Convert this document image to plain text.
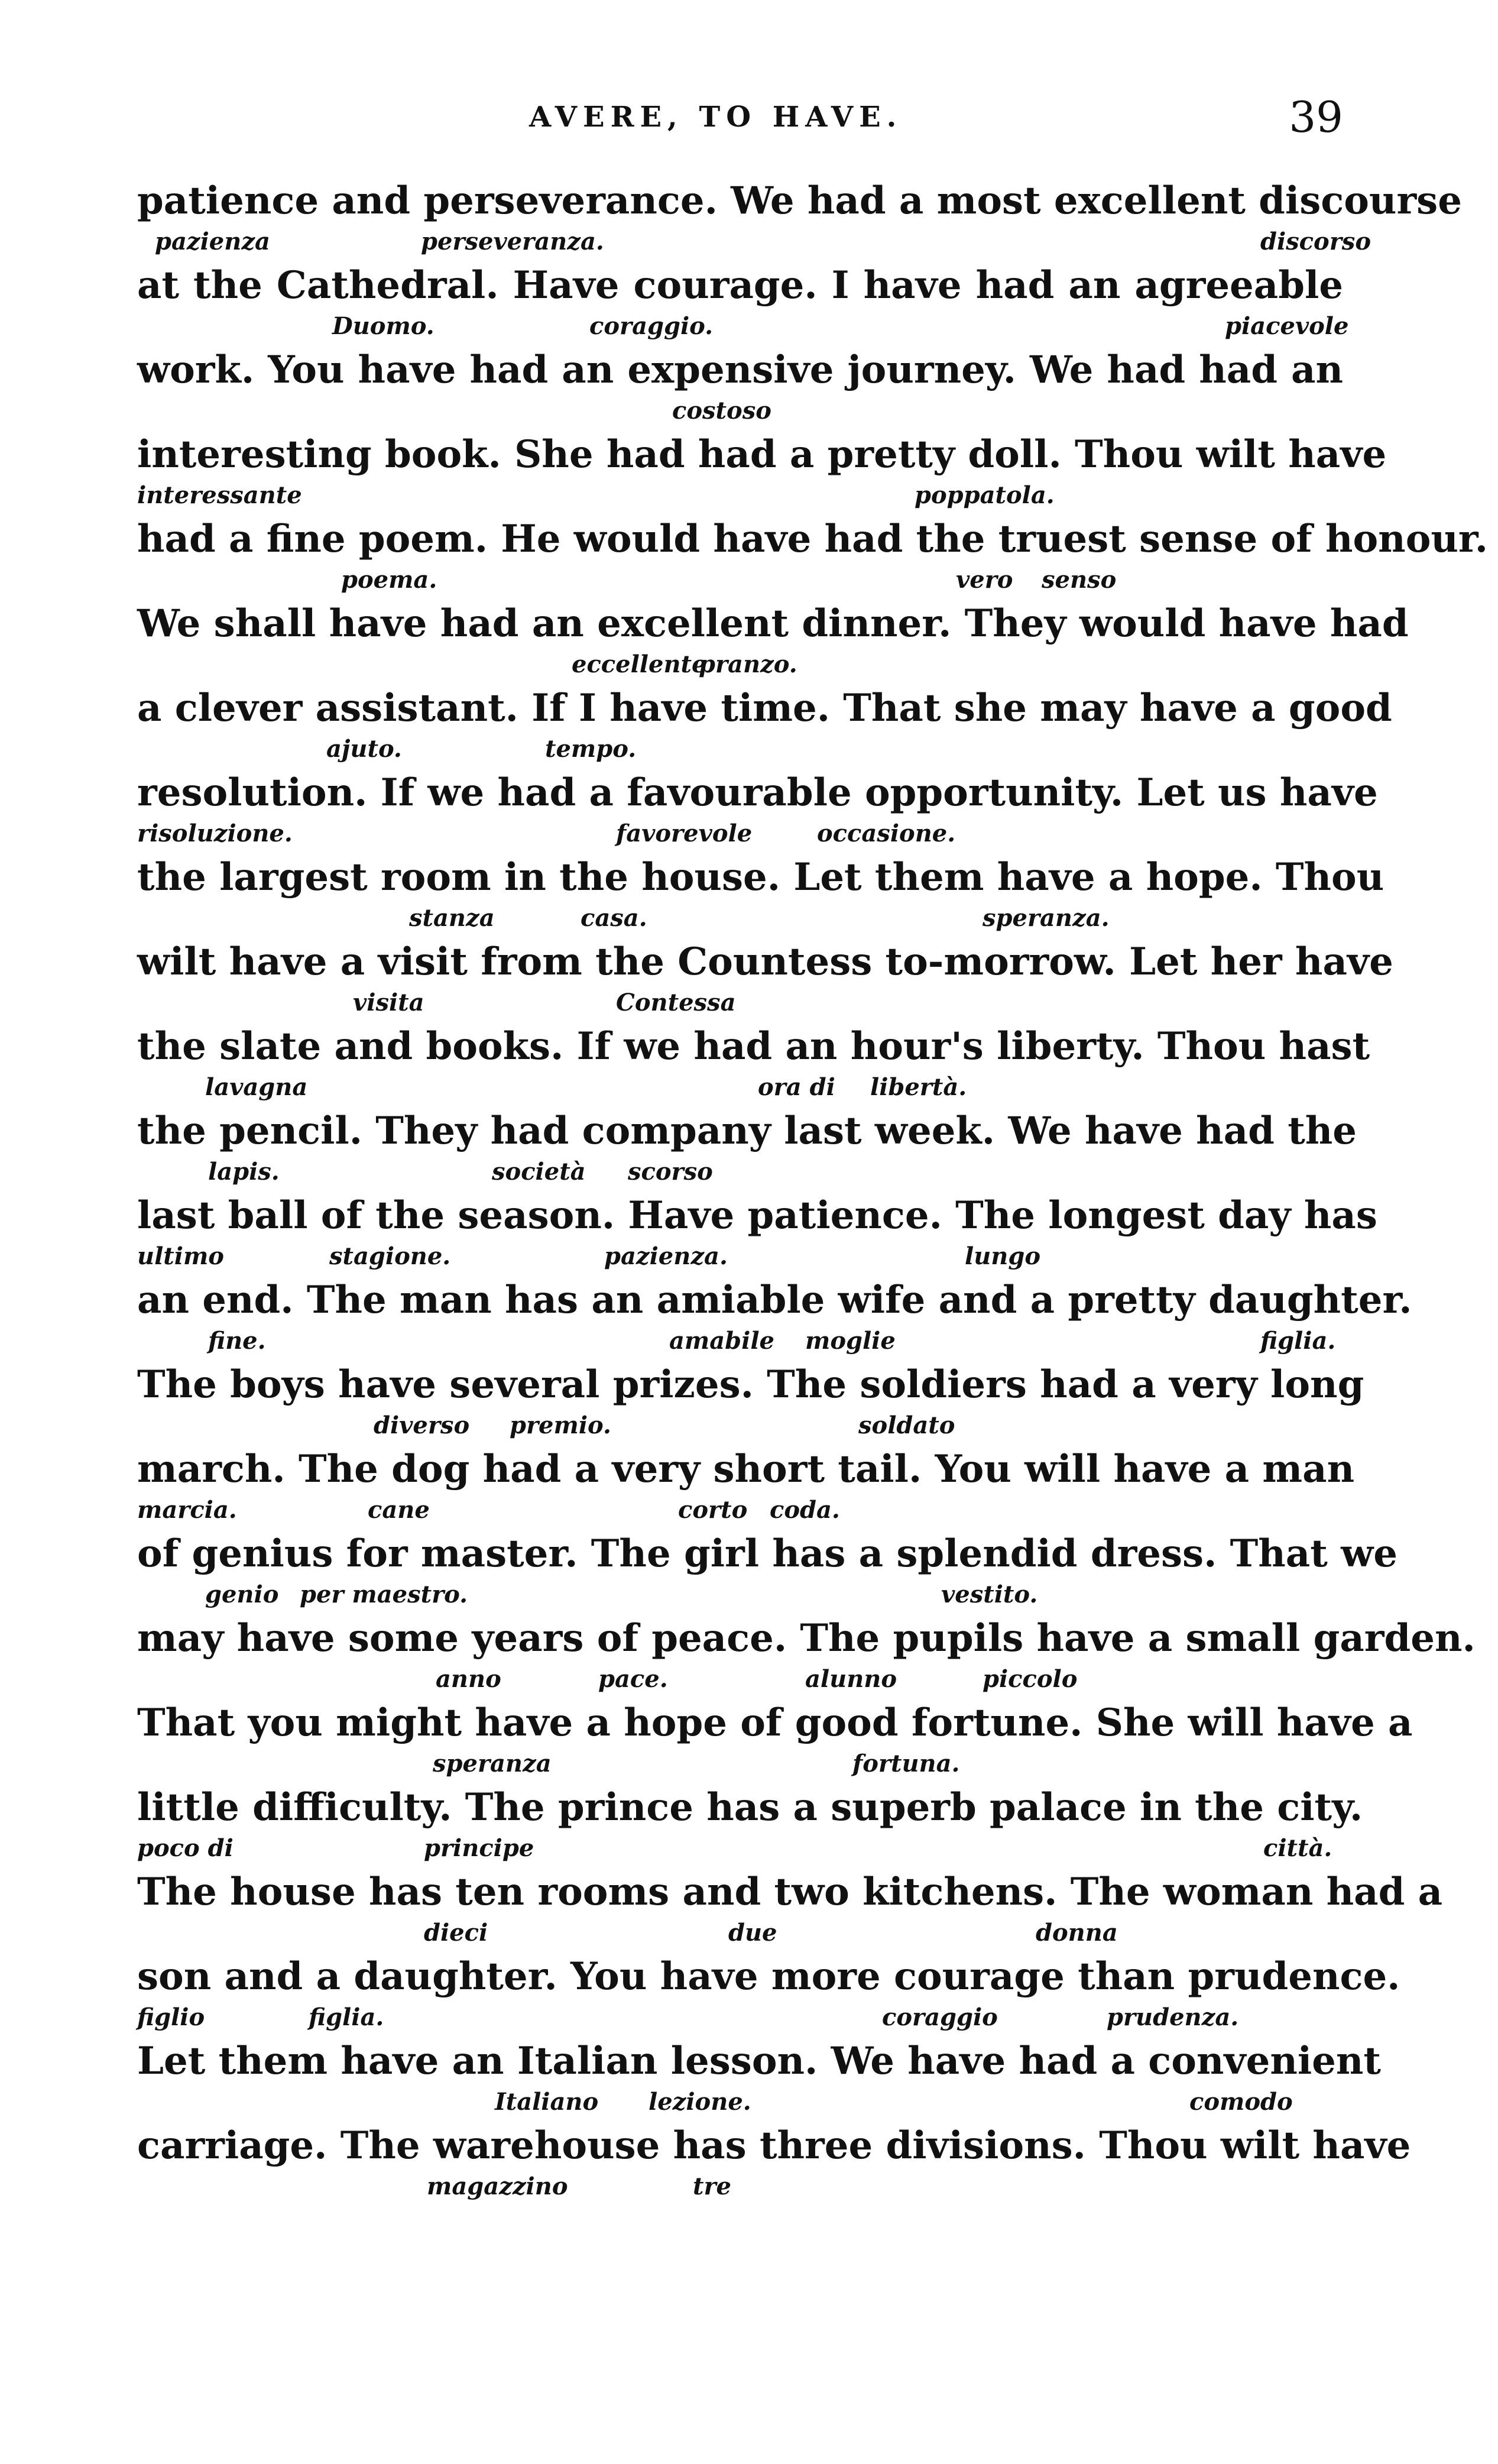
AVERE, TO HAVE.	39
patience and perseverance. We had a most excellent discourse
pazienza	perseveranza.	discorso
at the Cathedral. Have courage. I have had an agreeable
Duomo.	coraggio.	piacevole
work. You have had an expensive journey. We had had an
costoso
interesting book. She had had a pretty doll. Thou wilt have
interessante	poppatola.
had a fine poem. He would have had the truest sense of honour.
poema.	vero senso
We shall have had an excellent dinner. They would have had
eccellente
pranzo.
a clever assistant. If I have time. That she may have a good
ajuto.	tempo.
resolution. If we had a favourable opportunity. Let us have
risoluzione.	favorevole	occasione.
the largest room in the house. Let them have a hope. Thou
stanza	casa.	speranza.
wilt have a visit from the Countess to-morrow. Let her have
visita	Contessa
the slate and books. If we had an hour's liberty. Thou hast
lavagna	ora di libertà.
the pencil. They had company last week. We have had the
lapis.	società scorso
last ball of the season. Have patience. The longest day has
ultimo	stagione.	pazienza.	lungo
an end. The man has an amiable wife and a pretty daughter.
fine.	amabile moglie	figlia.
The boys have several prizes. The soldiers had a very long
diverso premio.	soldato
march. The dog had a very short tail. You will have a man
marcia.	cane	corto coda.
of genius for master. The girl has a splendid dress. That we
genio per maestro.	vestito.
may have some years of peace. The pupils have a small garden.
anno	pace.	alunno	piccolo
That you might have a hope of good fortune. She will have a
speranza	fortuna.
little difficulty. The prince has a superb palace in the city.
poco di	principe	città.
The house has ten rooms and two kitchens. The woman had a
dieci	due	donna
son and a daughter. You have more courage than prudence.
figlio	figlia.	coraggio	prudenza.
Let them have an Italian lesson. We have had a convenient
Italiano lezione.	comodo
carriage. The warehouse has three divisions. Thou wilt have
magazzino	tre
